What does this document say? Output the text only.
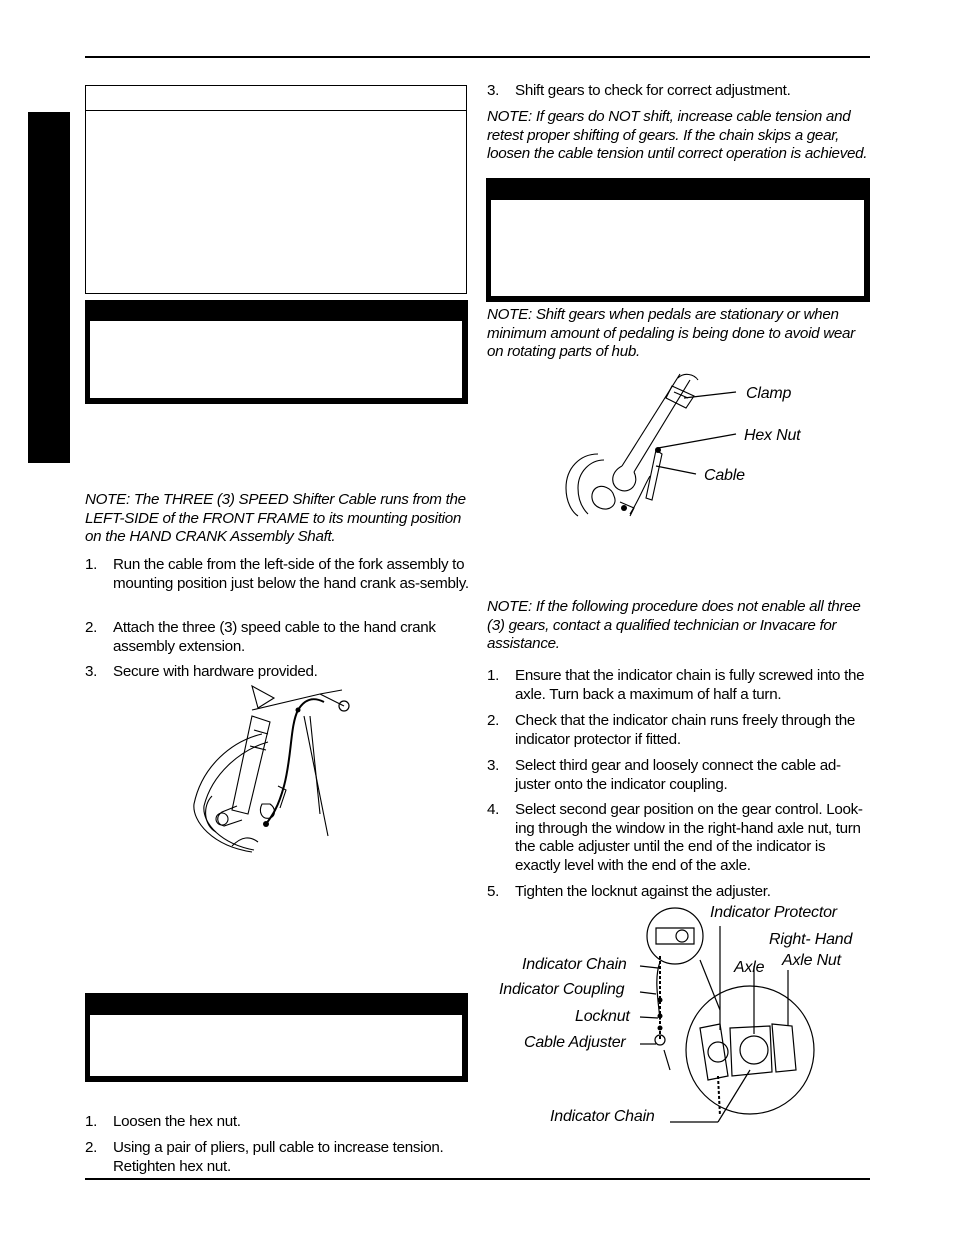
NOTE: The THREE (3) SPEED Shifter Cable runs from the LEFT-SIDE of the FRONT FRAME to its mounting position on the HAND CRANK Assembly Shaft.

1. Run the cable from the left-side of the fork assembly to mounting position just below the hand crank as-sembly.
2. Attach the three (3) speed cable to the hand crank assembly extension.
3. Secure with hardware provided.
1. Loosen the hex nut.
2. Using a pair of pliers, pull cable to increase tension. Retighten hex nut.
3. Shift gears to check for correct adjustment.

NOTE: If gears do NOT shift, increase cable tension and retest proper shifting of gears. If the chain skips a gear, loosen the cable tension until correct operation is achieved.

NOTE: Shift gears when pedals are stationary or when minimum amount of pedaling is being done to avoid wear on rotating parts of hub.

Clamp
Hex Nut
Cable

NOTE: If the following procedure does not enable all three (3) gears, contact a qualified technician or Invacare for assistance.

1. Ensure that the indicator chain is fully screwed into the axle. Turn back a maximum of half a turn.
2. Check that the indicator chain runs freely through the indicator protector if fitted.
3. Select third gear and loosely connect the cable ad-juster onto the indicator coupling.
4. Select second gear position on the gear control. Look-ing through the window in the right-hand axle nut, turn the cable adjuster until the end of the indicator is exactly level with the end of the axle.
5. Tighten the locknut against the adjuster.
Indicator Protector
Right- Hand
Axle Nut
Axle
Indicator Chain
Indicator Coupling
Locknut
Cable Adjuster
Indicator Chain
